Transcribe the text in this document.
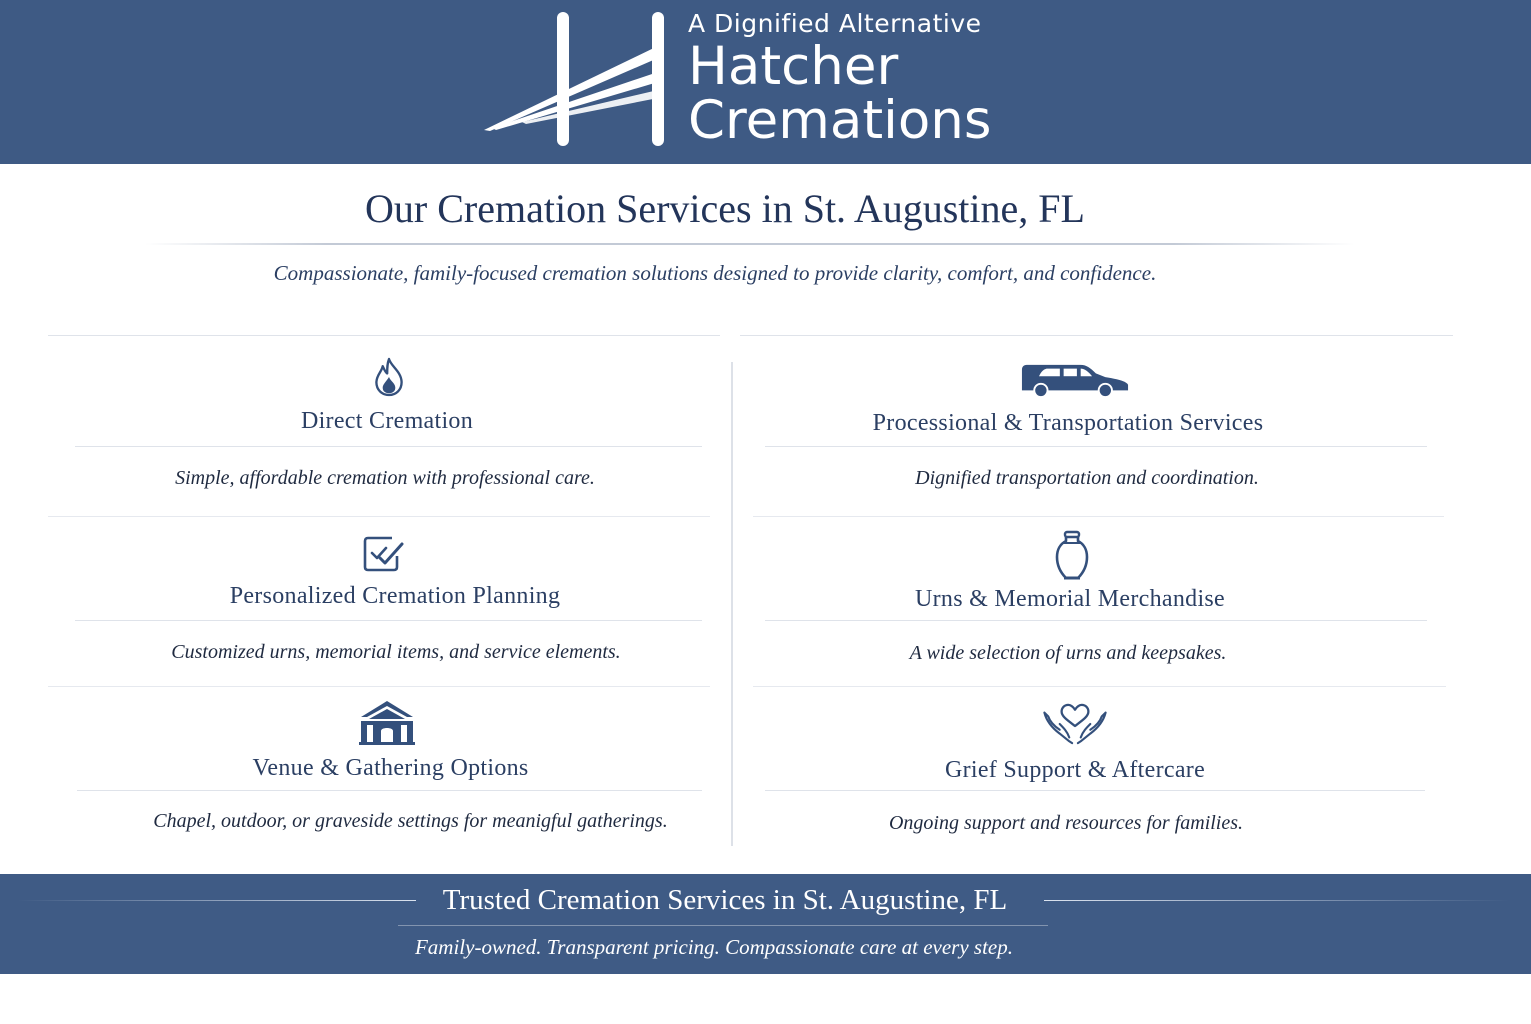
A Dignified Alternative
Hatcher
Cremations
Our Cremation Services in St. Augustine, FL
Compassionate, family-focused cremation solutions designed to provide clarity, comfort, and confidence.
Direct Cremation
Simple, affordable cremation with professional care.
Processional & Transportation Services
Dignified transportation and coordination.
Personalized Cremation Planning
Customized urns, memorial items, and service elements.
Urns & Memorial Merchandise
A wide selection of urns and keepsakes.
Venue & Gathering Options
Chapel, outdoor, or graveside settings for meanigful gatherings.
Grief Support & Aftercare
Ongoing support and resources for families.
Trusted Cremation Services in St. Augustine, FL
Family-owned. Transparent pricing. Compassionate care at every step.
